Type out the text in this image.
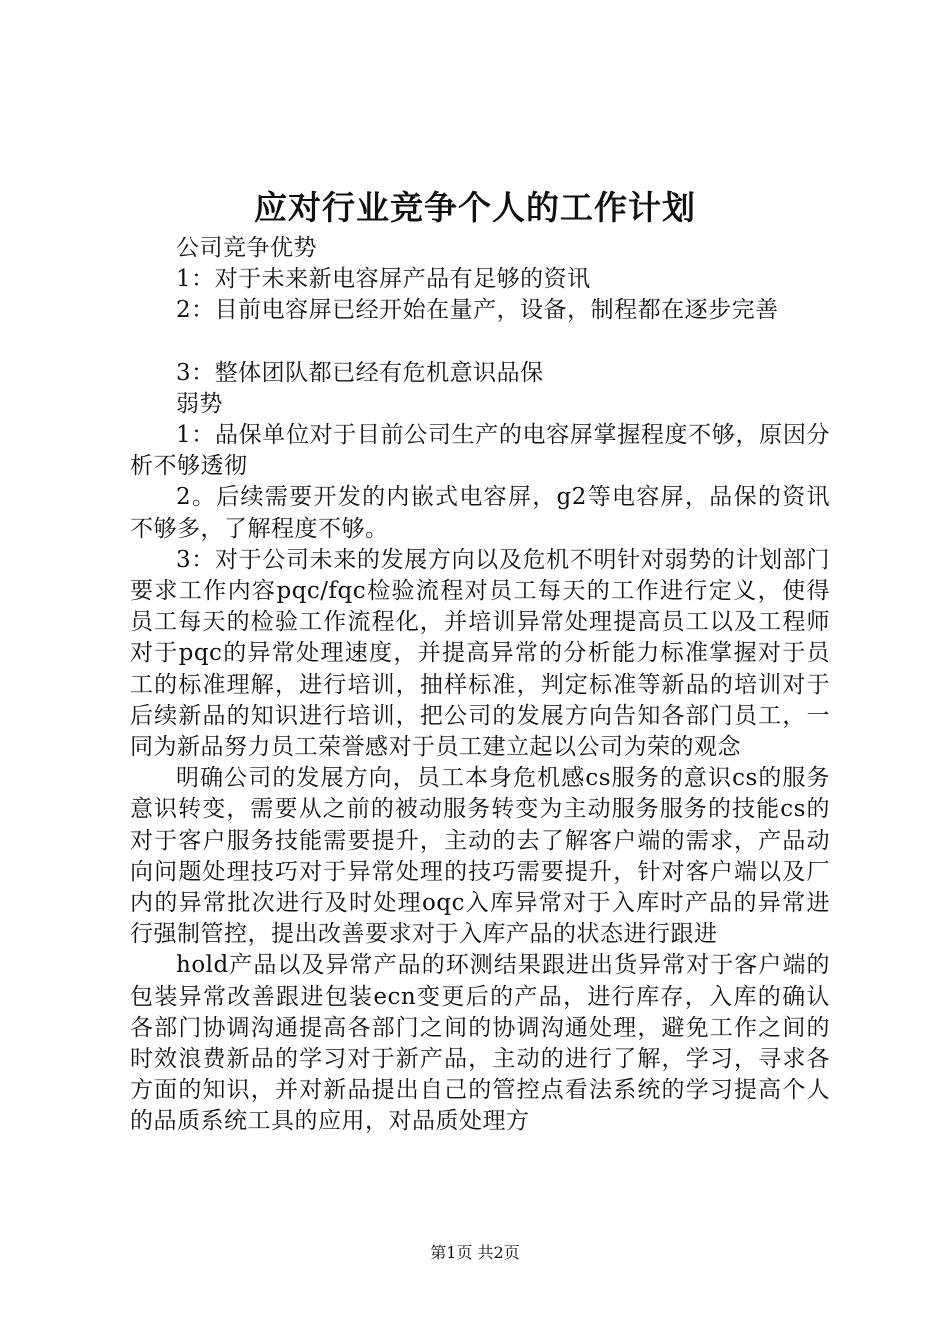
应对行业竞争个人的工作计划

公司竞争优势

1：对于未来新电容屏产品有足够的资讯

2：目前电容屏已经开始在量产，设备，制程都在逐步完善

3：整体团队都已经有危机意识品保

弱势

1：品保单位对于目前公司生产的电容屏掌握程度不够，原因分析不够透彻

2。后续需要开发的内嵌式电容屏，g2等电容屏，品保的资讯不够多，了解程度不够。

3：对于公司未来的发展方向以及危机不明针对弱势的计划部门要求工作内容pqc/fqc检验流程对员工每天的工作进行定义，使得员工每天的检验工作流程化，并培训异常处理提高员工以及工程师对于pqc的异常处理速度，并提高异常的分析能力标准掌握对于员工的标准理解，进行培训，抽样标准，判定标准等新品的培训对于后续新品的知识进行培训，把公司的发展方向告知各部门员工，一同为新品努力员工荣誉感对于员工建立起以公司为荣的观念

明确公司的发展方向，员工本身危机感cs服务的意识cs的服务意识转变，需要从之前的被动服务转变为主动服务服务的技能cs的对于客户服务技能需要提升，主动的去了解客户端的需求，产品动向问题处理技巧对于异常处理的技巧需要提升，针对客户端以及厂内的异常批次进行及时处理oqc入库异常对于入库时产品的异常进行强制管控，提出改善要求对于入库产品的状态进行跟进

hold产品以及异常产品的环测结果跟进出货异常对于客户端的包装异常改善跟进包装ecn变更后的产品，进行库存，入库的确认各部门协调沟通提高各部门之间的协调沟通处理，避免工作之间的时效浪费新品的学习对于新产品，主动的进行了解，学习，寻求各方面的知识，并对新品提出自己的管控点看法系统的学习提高个人的品质系统工具的应用，对品质处理方

第1页 共2页
